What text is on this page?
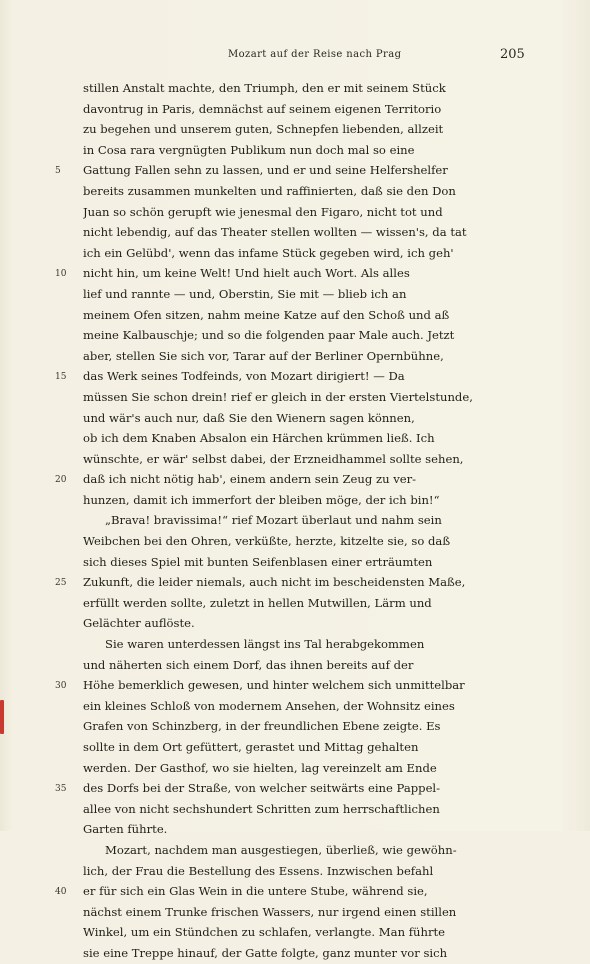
Mozart auf der Reise nach Prag	205
stillen Anstalt machte, den Triumph, den er mit seinem Stück
davontrug in Paris, demnächst auf seinem eigenen Territorio
zu begehen und unserem guten, Schnepfen liebenden, allzeit
in Cosa rara vergnügten Publikum nun doch mal so eine
Gattung Fallen sehn zu lassen, und er und seine Helfershelfer
bereits zusammen munkelten und raffinierten, daß sie den Don
Juan so schön gerupft wie jenesmal den Figaro, nicht tot und
nicht lebendig, auf das Theater stellen wollten — wissen's, da tat
ich ein Gelübd', wenn das infame Stück gegeben wird, ich geh'
nicht hin, um keine Welt! Und hielt auch Wort. Als alles
lief und rannte — und, Oberstin, Sie mit — blieb ich an
meinem Ofen sitzen, nahm meine Katze auf den Schoß und aß
meine Kalbauschje; und so die folgenden paar Male auch. Jetzt
aber, stellen Sie sich vor, Tarar auf der Berliner Opernbühne,
das Werk seines Todfeinds, von Mozart dirigiert! — Da
müssen Sie schon drein! rief er gleich in der ersten Viertelstunde,
und wär's auch nur, daß Sie den Wienern sagen können,
ob ich dem Knaben Absalon ein Härchen krümmen ließ. Ich
wünschte, er wär' selbst dabei, der Erzneidhammel sollte sehen,
daß ich nicht nötig hab', einem andern sein Zeug zu ver-
hunzen, damit ich immerfort der bleiben möge, der ich bin!“
„Brava! bravissima!“ rief Mozart überlaut und nahm sein
Weibchen bei den Ohren, verküßte, herzte, kitzelte sie, so daß
sich dieses Spiel mit bunten Seifenblasen einer erträumten
Zukunft, die leider niemals, auch nicht im bescheidensten Maße,
erfüllt werden sollte, zuletzt in hellen Mutwillen, Lärm und
Gelächter auflöste.
Sie waren unterdessen längst ins Tal herabgekommen
und näherten sich einem Dorf, das ihnen bereits auf der
Höhe bemerklich gewesen, und hinter welchem sich unmittelbar
ein kleines Schloß von modernem Ansehen, der Wohnsitz eines
Grafen von Schinzberg, in der freundlichen Ebene zeigte. Es
sollte in dem Ort gefüttert, gerastet und Mittag gehalten
werden. Der Gasthof, wo sie hielten, lag vereinzelt am Ende
des Dorfs bei der Straße, von welcher seitwärts eine Pappel-
allee von nicht sechshundert Schritten zum herrschaftlichen
Garten führte.
Mozart, nachdem man ausgestiegen, überließ, wie gewöhn-
lich, der Frau die Bestellung des Essens. Inzwischen befahl
er für sich ein Glas Wein in die untere Stube, während sie,
nächst einem Trunke frischen Wassers, nur irgend einen stillen
Winkel, um ein Stündchen zu schlafen, verlangte. Man führte
sie eine Treppe hinauf, der Gatte folgte, ganz munter vor sich
5
10
15
20
25
30
35
40
